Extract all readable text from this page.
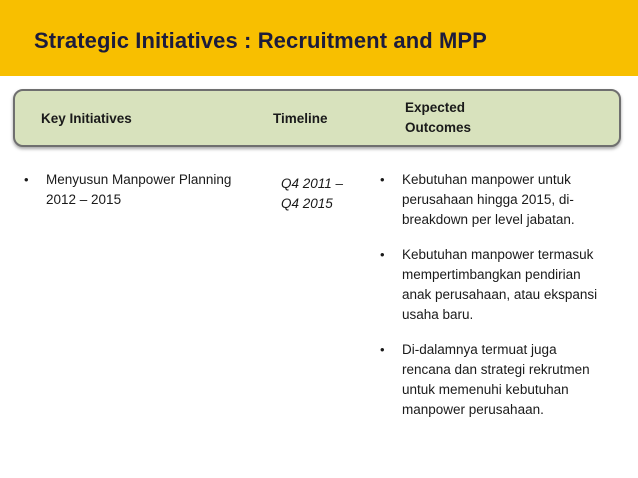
Strategic Initiatives : Recruitment and MPP
Key Initiatives	Timeline
Expected
Outcomes
• Menyusun Manpower Planning 2012 – 2015
Q4 2011 – Q4 2015
• Kebutuhan manpower untuk perusahaan hingga 2015, di-breakdown per level jabatan.
• Kebutuhan manpower termasuk mempertimbangkan pendirian anak perusahaan, atau ekspansi usaha baru.
• Di-dalamnya termuat juga rencana dan strategi rekrutmen untuk memenuhi kebutuhan manpower perusahaan.
